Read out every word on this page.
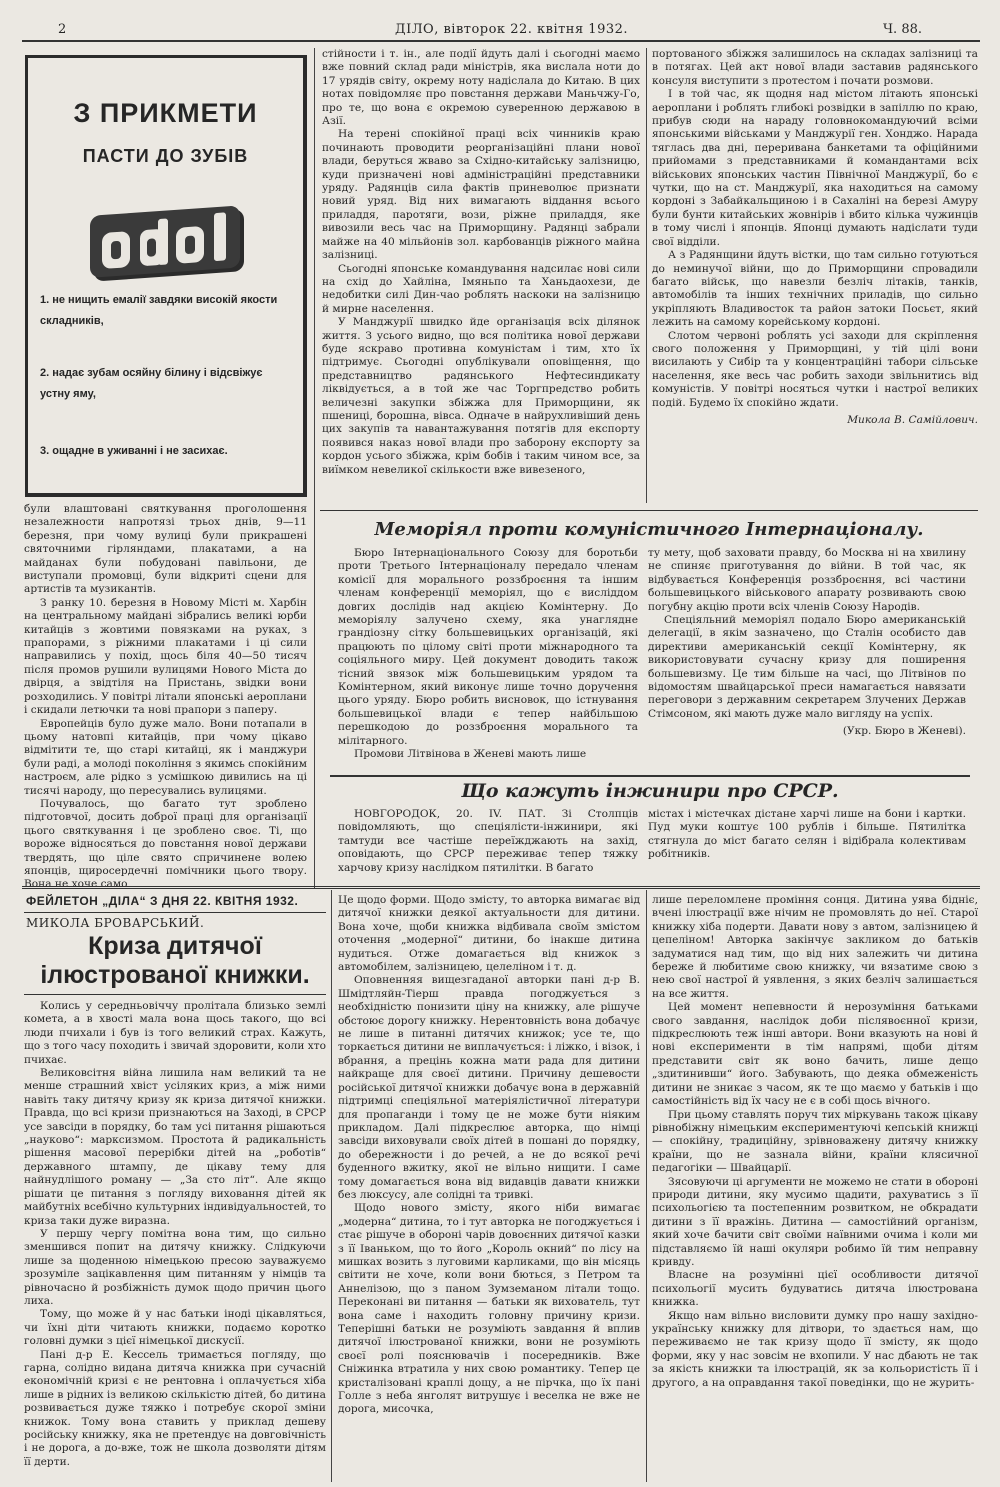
2	ДІЛО, вівторок 22. квітня 1932.	Ч. 88.
З ПРИКМЕТИ
ПАСТИ ДО ЗУБІВ
1. не нищить емалії завдяки високій якости складників,
2. надає зубам осяйну білину і відсвіжує устну яму,
3. ощадне в уживанні і не засихає.

були влаштовані святкування проголошення незалежности напротязі трьох днів, 9—11 березня, при чому вулиці були прикрашені святочними гірляндами, плакатами, а на майданах були побудовані павільони, де виступали промовці, були відкриті сцени для артистів та музикантів.

З ранку 10. березня в Новому Місті м. Харбін на центральному майдані зібрались великі юрби китайців з жовтими повязками на руках, з прапорами, з ріжними плакатами і ці сили направились у похід, щось біля 40—50 тисяч після промов рушили вулицями Нового Міста до двірця, а звідтіля на Пристань, звідки вони розходились. У повітрі літали японські аероплани і скидали летючки та нові прапори з паперу.

Европейців було дуже мало. Вони потапали в цьому натовпі китайців, при чому цікаво відмітити те, що старі китайці, як і манджури були раді, а молоді покоління з якимсь спокійним настроєм, але рідко з усмішкою дивились на ці тисячі народу, що пересувались вулицями.

Почувалось, що багато тут зроблено підготовчої, досить доброї праці для організації цього святкування і це зроблено своє. Ті, що вороже відносяться до повстання нової держави твердять, що ціле свято спричинене волею японців, щиросердечні помічники цього твору. Вона не хоче само

стійности і т. ін., але події йдуть далі і сьогодні маємо вже повний склад ради міністрів, яка вислала ноти до 17 урядів світу, окрему ноту надіслала до Китаю. В цих нотах повідомляє про повстання держави Маньчжу-Го, про те, що вона є окремою суверенною державою в Азії.

На терені спокійної праці всіх чинників краю починають проводити реорганізаційні плани нової влади, беруться жваво за Східно-китайську залізницю, куди призначені нові адміністраційні представники уряду. Радянців сила фактів приневолює признати новий уряд. Від них вимагають віддання всього приладдя, паротяги, вози, ріжне приладдя, яке вивозили весь час на Приморщину. Радянці забрали майже на 40 мільйонів зол. карбованців ріжного майна залізниці.

Сьогодні японське командування надсилає нові сили на схід до Хайліна, Імяньпо та Ханьдаохези, де недобитки силі Дин-чао роблять наскоки на залізницю й мирне населення.

У Манджурії швидко йде організація всіх ділянок життя. З усього видно, що вся політика нової держави буде яскраво противна комуністам і тим, хто їх підтримує. Сьогодні опублікували оповіщення, що представництво радянського Нефтесиндикату ліквідується, а в той же час Торгпредство робить величезні закупки збіжжа для Приморщини, як пшениці, борошна, вівса. Одначе в найрухливіший день цих закупів та навантажування потягів для експорту появився наказ нової влади про заборону експорту за кордон усього збіжжа, крім бобів і таким чином все, за виїмком невеликої скількости вже вивезеного,

портованого збіжжя залишилось на складах залізниці та в потягах. Цей акт нової влади заставив радянського консуля виступити з протестом і почати розмови.

І в той час, як щодня над містом літають японські аероплани і роблять глибокі розвідки в запіллю по краю, прибув сюди на нараду головнокомандуючий всіми японськими військами у Манджурії ген. Хонджо. Нарада тяглась два дні, переривана банкетами та офіційними прийомами з представниками й командантами всіх військових японських частин Північної Манджурії, бо є чутки, що на ст. Манджурії, яка находиться на самому кордоні з Забайкальщиною і в Сахаліні на березі Амуру були бунти китайських жовнірів і вбито кілька чужинців в тому числі і японців. Японці думають надіслати туди свої відділи.

А з Радянщини йдуть вістки, що там сильно готуються до неминучої війни, що до Приморщини спровадили багато військ, що навезли безліч літаків, танків, автомобілів та інших технічних приладів, що сильно укріпляють Владивосток та район затоки Посьєт, який лежить на самому корейському кордоні.

Слотом червоні роблять усі заходи для скріплення свого положення у Приморщині, у тій цілі вони висилають у Сибір та у концентраційні табори сільське населення, яке весь час робить заходи звільнитись від комуністів. У повітрі носяться чутки і настрої великих подій. Будемо їх спокійно ждати.

Микола В. Самійлович.

Меморіял проти комуністичного Інтернаціоналу.

Бюро Інтернаціонального Союзу для боротьби проти Третього Інтернаціоналу передало членам комісії для морального роззброєння та іншим членам конференції меморіял, що є висліддом довгих дослідів над акцією Комінтерну. До меморіялу залучено схему, яка унаглядне грандіозну сітку большевицьких організацій, які працюють по цілому світі проти міжнародного та соціяльного миру. Цей документ доводить також тісний звязок між большевицьким урядом та Комінтерном, який виконує лише точно доручення цього уряду. Бюро робить висновок, що істнування большевицької влади є тепер найбільшою перешкодою до роззброєння морального та мілітарного.

Промови Літвінова в Женеві мають лише

ту мету, щоб заховати правду, бо Москва ні на хвилину не спиняє приготування до війни. В той час, як відбувається Конференція роззброєння, всі частини большевицького військового апарату розвивають свою погубну акцію проти всіх членів Союзу Народів.

Спеціяльний меморіял подало Бюро американській делегації, в якім зазначено, що Сталін особисто дав директиви американській секції Комінтерну, як використовувати сучасну кризу для поширення большевизму. Це тим більше на часі, що Літвінов по відомостям швайцарської преси намагається навязати переговори з державним секретарем Злучених Держав Стімсоном, які мають дуже мало вигляду на успіх.

(Укр. Бюро в Женеві).

Що кажуть інжинири про СРСР.

НОВГОРОДОК, 20. IV. ПАТ. Зі Столпців повідомляють, що спеціялісти-інжинири, які тамтуди все частіше переїжджають на захід, оповідають, що СРСР переживає тепер тяжку харчову кризу наслідком пятилітки. В багато

містах і містечках дістане харчі лише на бони і картки. Пуд муки коштує 100 рублів і більше. Пятилітка стягнула до міст багато селян і відібрала колективам робітників.

ФЕЙЛЕТОН „ДІЛА“ З ДНЯ 22. КВІТНЯ 1932.
МИКОЛА БРОВАРСЬКИЙ.
Криза дитячої ілюстрованої книжки.

Колись у середньовіччу пролітала близько землі комета, а в хвості мала вона щось такого, що всі люди пчихали і був із того великий страх. Кажуть, що з того часу походить і звичай здоровити, коли хто пчихає.

Великовсітня війна лишила нам великий та не менше страшний хвіст усіляких криз, а між ними навіть таку дитячу кризу як криза дитячої книжки. Правда, що всі кризи признаються на Заході, в СРСР усе завсіди в порядку, бо там усі питання рішаються „науково“: марксизмом. Простота й радикальність рішення масової перерібки дітей на „роботів“ державного штампу, де цікаву тему для найнудлішого роману — „За сто літ“. Але якщо рішати це питання з погляду виховання дітей як майбутніх всебічно культурних індивідуальностей, то криза таки дуже виразна.

У першу чергу помітна вона тим, що сильно зменшився попит на дитячу книжку. Слідкуючи лише за щоденною німецькою пресою зауважуємо зрозуміле зацікавлення цим питанням у німців та рівночасно й розбіжність думок щодо причин цього лиха.

Тому, що може й у нас батьки іноді цікавляться, чи їхні діти читають книжки, подаємо коротко головні думки з цієї німецької дискусії.

Пані д-р Е. Кессель тримається погляду, що гарна, солідно видана дитяча книжка при сучасній економічній кризі є не рентовна і оплачується хіба лише в рідних із великою скількістю дітей, бо дитина розвивається дуже тяжко і потребує скорої зміни книжок. Тому вона ставить у приклад дешеву російську книжку, яка не претендує на довговічність і не дорога, а до-вже, тож не школа дозволяти дітям її дерти.

Це щодо форми. Щодо змісту, то авторка вимагає від дитячої книжки деякої актуальности для дитини. Вона хоче, щоби книжка відбивала своїм змістом оточення „модерної“ дитини, бо інакше дитина нудиться. Отже домагається від книжок з автомобілем, залізницею, целеліном і т. д.

Оповненняя вищезгаданої авторки пані д-р В. Шмідтляйн-Тіерш правда погоджується з необхідністю понизити ціну на книжку, але рішуче обстоює дорогу книжку. Нерентовність вона добачує не лише в питанні дитячих книжок; усе те, що торкається дитини не виплачується: і ліжко, і візок, і вбрання, а прецінь кожна мати рада для дитини найкраще для своєї дитини. Причину дешевости російської дитячої книжки добачує вона в державній підтримці спеціяльної матеріялістичної літератури для пропаганди і тому це не може бути ніяким прикладом. Далі підкреслює авторка, що німці завсіди виховували своїх дітей в пошані до порядку, до обережности і до речей, а не до всякої речі буденного вжитку, якої не вільно нищити. І саме тому домагається вона від видавців давати книжки без люксусу, але солідні та тривкі.

Щодо нового змісту, якого ніби вимагає „модерна“ дитина, то і тут авторка не погоджується і стає рішуче в обороні чарів довоєнних дитячої казки з її Іваньком, що то його „Король окний“ по лісу на мишках возить з луговими карликами, що він місяць світити не хоче, коли вони бються, з Петром та Аннелізою, що з паном Зумземаном літали тощо. Переконані ви питання — батьки як вихователь, тут вона саме і находить головну причину кризи. Теперішні батьки не розуміють завдання й вплив дитячої ілюстрованої книжки, вони не розуміють своєї ролі пояснювачів і посередників. Вже Сніжинка втратила у них свою романтику. Тепер це кристалізовані краплі дощу, а не пірчка, що їх пані Голле з неба янголят витрушує і веселка не вже не дорога, мисочка,

лише переломлене проміння сонця. Дитина уява бідніє, вчені ілюстрації вже нічим не промовлять до неї. Старої книжку хіба подерти. Давати нову з автом, залізницею й цепеліном! Авторка закінчує закликом до батьків задуматися над тим, що від них залежить чи дитина береже й любитиме свою книжку, чи вязатиме свою з нею свої настрої й уявлення, з яких безліч залишається на все життя.

Цей момент непевности й нерозуміння батьками свого завдання, наслідок доби післявоєнної кризи, підкреслюють теж інші автори. Вони вказують на нові й нові експерименти в тім напрямі, щоби дітям представити світ як воно бачить, лише дещо „здитинивши“ його. Забувають, що деяка обмеженість дитини не зникає з часом, як те що маємо у батьків і що самостійність від їх часу не є в собі щось вічного.

При цьому ставлять поруч тих міркувань також цікаву рівнобіжну німецьким експериментуючі кепській книжці — спокійну, традиційну, зрівноважену дитячу книжку країни, що не зазнала війни, країни клясичної педагогіки — Швайцарії.

Зясовуючи ці аргументи не можемо не стати в обороні природи дитини, яку мусимо щадити, рахуватись з її психольогією та постепенним розвитком, не обкрадати дитини з її вражінь. Дитина — самостійний організм, який хоче бачити світ своїми наївними очима і коли ми підставляємо їй наші окуляри робимо їй тим неправну кривду.

Власне на розумінні цієї особливости дитячої психольогії мусить будуватись дитяча ілюстрована книжка.

Якщо нам вільно висловити думку про нашу західно-українську книжку для дітвори, то здається нам, що переживаємо не так кризу щодо її змісту, як щодо форми, яку у нас зовсім не вхопили. У нас дбають не так за якість книжки та ілюстрацій, як за кольористість її і другого, а на оправдання такої поведінки, що не журить-
